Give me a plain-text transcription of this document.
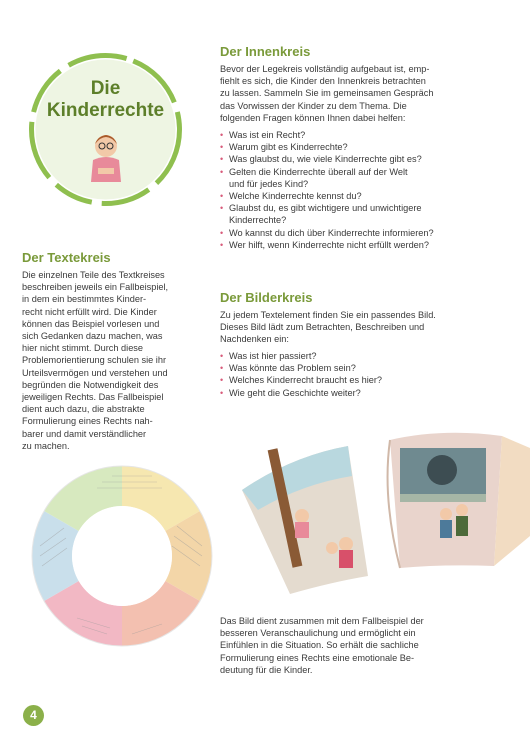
Die
Kinderrechte
Der Innenkreis

Bevor der Legekreis vollständig aufgebaut ist, emp-
fiehlt es sich, die Kinder den Innenkreis betrachten
zu lassen. Sammeln Sie im gemeinsamen Gespräch
das Vorwissen der Kinder zu dem Thema. Die
folgenden Fragen können Ihnen dabei helfen:

• Was ist ein Recht?
• Warum gibt es Kinderrechte?
• Was glaubst du, wie viele Kinderrechte gibt es?
• Gelten die Kinderrechte überall auf der Welt
und für jedes Kind?
• Welche Kinderrechte kennst du?
• Glaubst du, es gibt wichtigere und unwichtigere
Kinderrechte?
• Wo kannst du dich über Kinderrechte informieren?
• Wer hilft, wenn Kinderrechte nicht erfüllt werden?
Der Textekreis

Die einzelnen Teile des Textkreises
beschreiben jeweils ein Fallbeispiel,
in dem ein bestimmtes Kinder-
recht nicht erfüllt wird. Die Kinder
können das Beispiel vorlesen und
sich Gedanken dazu machen, was
hier nicht stimmt. Durch diese
Problemorientierung schulen sie ihr
Urteilsvermögen und verstehen und
begründen die Notwendigkeit des
jeweiligen Rechts. Das Fallbeispiel
dient auch dazu, die abstrakte
Formulierung eines Rechts nah-
barer und damit verständlicher
zu machen.

Der Bilderkreis

Zu jedem Textelement finden Sie ein passendes Bild.
Dieses Bild lädt zum Betrachten, Beschreiben und
Nachdenken ein:

• Was ist hier passiert?
• Was könnte das Problem sein?
• Welches Kinderrecht braucht es hier?
• Wie geht die Geschichte weiter?

Das Bild dient zusammen mit dem Fallbeispiel der
besseren Veranschaulichung und ermöglicht ein
Einfühlen in die Situation. So erhält die sachliche
Formulierung eines Rechts eine emotionale Be-
deutung für die Kinder.

4
